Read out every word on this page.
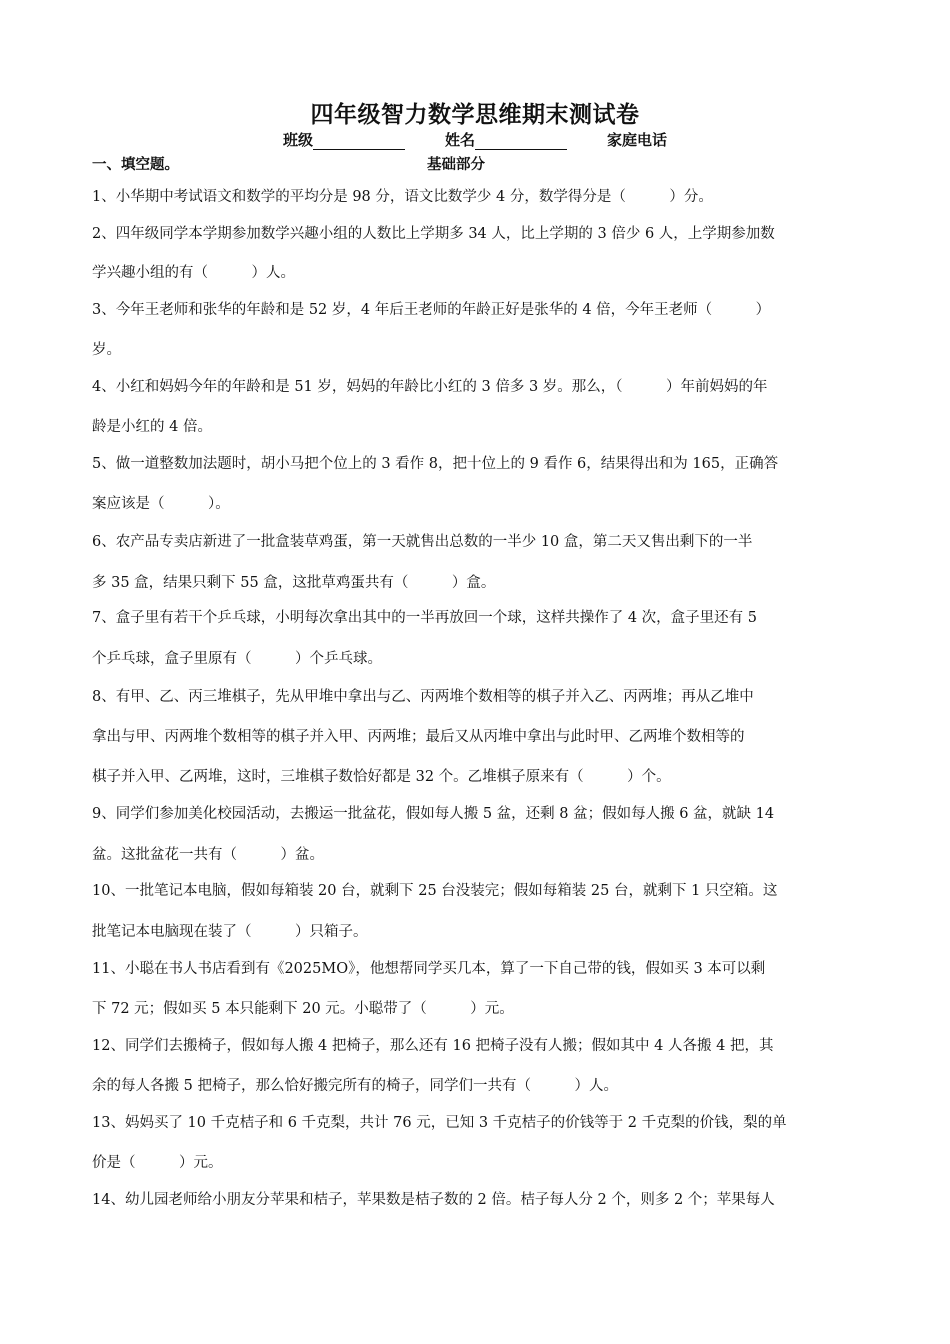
四年级智力数学思维期末测试卷
班级	姓名	家庭电话
一、填空题。	基础部分
1、小华期中考试语文和数学的平均分是 98 分，语文比数学少 4 分，数学得分是（　　　）分。
2、四年级同学本学期参加数学兴趣小组的人数比上学期多 34 人，比上学期的 3 倍少 6 人，上学期参加数
学兴趣小组的有（　　　）人。
3、今年王老师和张华的年龄和是 52 岁，4 年后王老师的年龄正好是张华的 4 倍，今年王老师（　　　）
岁。
4、小红和妈妈今年的年龄和是 51 岁，妈妈的年龄比小红的 3 倍多 3 岁。那么，（　　　）年前妈妈的年
龄是小红的 4 倍。
5、做一道整数加法题时，胡小马把个位上的 3 看作 8，把十位上的 9 看作 6，结果得出和为 165，正确答
案应该是（　　　）。
6、农产品专卖店新进了一批盒装草鸡蛋，第一天就售出总数的一半少 10 盒，第二天又售出剩下的一半
多 35 盒，结果只剩下 55 盒，这批草鸡蛋共有（　　　）盒。
7、盒子里有若干个乒乓球，小明每次拿出其中的一半再放回一个球，这样共操作了 4 次，盒子里还有 5
个乒乓球，盒子里原有（　　　）个乒乓球。
8、有甲、乙、丙三堆棋子，先从甲堆中拿出与乙、丙两堆个数相等的棋子并入乙、丙两堆；再从乙堆中
拿出与甲、丙两堆个数相等的棋子并入甲、丙两堆；最后又从丙堆中拿出与此时甲、乙两堆个数相等的
棋子并入甲、乙两堆，这时，三堆棋子数恰好都是 32 个。乙堆棋子原来有（　　　）个。
9、同学们参加美化校园活动，去搬运一批盆花，假如每人搬 5 盆，还剩 8 盆；假如每人搬 6 盆，就缺 14
盆。这批盆花一共有（　　　）盆。
10、一批笔记本电脑，假如每箱装 20 台，就剩下 25 台没装完；假如每箱装 25 台，就剩下 1 只空箱。这
批笔记本电脑现在装了（　　　）只箱子。
11、小聪在书人书店看到有《2025MO》，他想帮同学买几本，算了一下自己带的钱，假如买 3 本可以剩
下 72 元；假如买 5 本只能剩下 20 元。小聪带了（　　　）元。
12、同学们去搬椅子，假如每人搬 4 把椅子，那么还有 16 把椅子没有人搬；假如其中 4 人各搬 4 把，其
余的每人各搬 5 把椅子，那么恰好搬完所有的椅子，同学们一共有（　　　）人。
13、妈妈买了 10 千克桔子和 6 千克梨，共计 76 元，已知 3 千克桔子的价钱等于 2 千克梨的价钱，梨的单
价是（　　　）元。
14、幼儿园老师给小朋友分苹果和桔子，苹果数是桔子数的 2 倍。桔子每人分 2 个，则多 2 个；苹果每人
